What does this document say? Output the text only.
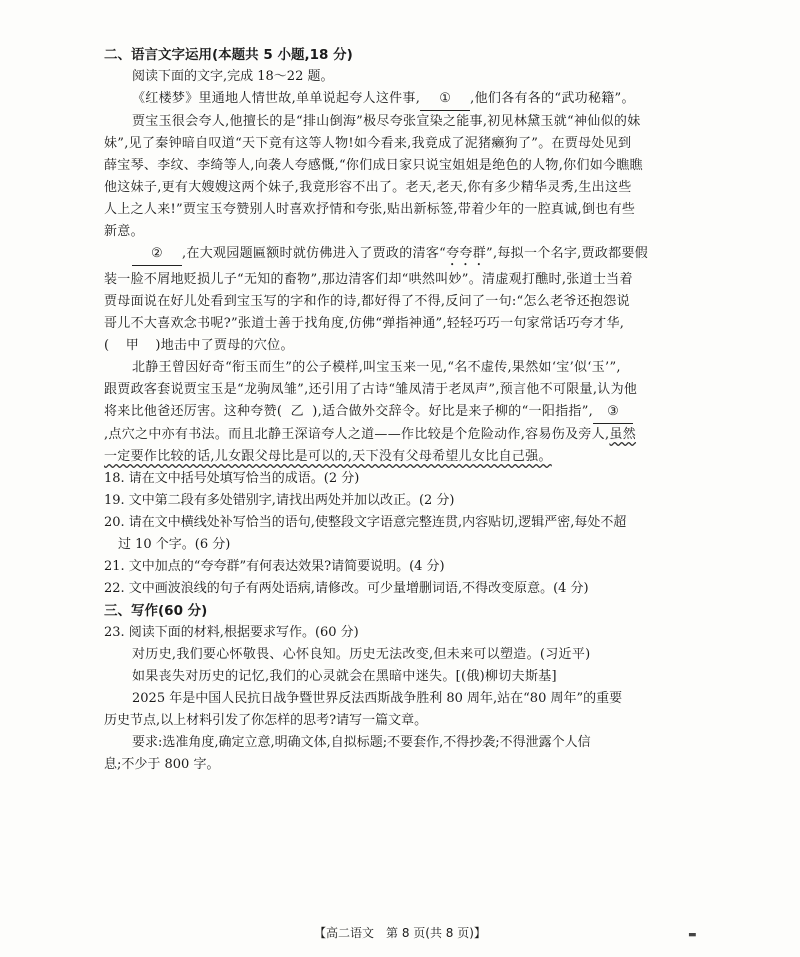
二、语言文字运用(本题共 5 小题,18 分)

阅读下面的文字,完成 18～22 题。

《红楼梦》里通地人情世故,单单说起夸人这件事, ① ,他们各有各的“武功秘籍”。

贾宝玉很会夸人,他擅长的是“排山倒海”极尽夸张宣染之能事,初见林黛玉就“神仙似的妹

妹”,见了秦钟暗自叹道“天下竟有这等人物!如今看来,我竟成了泥猪癞狗了”。在贾母处见到

薛宝琴、李纹、李绮等人,向袭人夸感慨,“你们成日家只说宝姐姐是绝色的人物,你们如今瞧瞧

他这妹子,更有大嫂嫂这两个妹子,我竟形容不出了。老天,老天,你有多少精华灵秀,生出这些

人上之人来!”贾宝玉夸赞别人时喜欢抒情和夸张,贴出新标签,带着少年的一腔真诚,倒也有些

新意。

② ,在大观园题匾额时就仿佛进入了贾政的清客“夸夸群”,每拟一个名字,贾政都要假

装一脸不屑地贬损儿子“无知的畜物”,那边清客们却“哄然叫妙”。清虚观打醮时,张道士当着

贾母面说在好儿处看到宝玉写的字和作的诗,都好得了不得,反问了一句:“怎么老爷还抱怨说

哥儿不大喜欢念书呢?”张道士善于找角度,仿佛“弹指神通”,轻轻巧巧一句家常话巧夸才华,

( 甲 )地击中了贾母的穴位。

北静王曾因好奇“衔玉而生”的公子模样,叫宝玉来一见,“名不虚传,果然如‘宝’似‘玉’”,

跟贾政客套说贾宝玉是“龙驹凤雏”,还引用了古诗“雏凤清于老凤声”,预言他不可限量,认为他

将来比他爸还厉害。这种夸赞( 乙 ),适合做外交辞令。好比是来子柳的“一阳指指”, ③

,点穴之中亦有书法。而且北静王深谙夸人之道——作比较是个危险动作,容易伤及旁人,虽然

一定要作比较的话,儿女跟父母比是可以的,天下没有父母希望儿女比自己强。

18. 请在文中括号处填写恰当的成语。(2 分)

19. 文中第二段有多处错别字,请找出两处并加以改正。(2 分)

20. 请在文中横线处补写恰当的语句,使整段文字语意完整连贯,内容贴切,逻辑严密,每处不超

过 10 个字。(6 分)

21. 文中加点的“夸夸群”有何表达效果?请简要说明。(4 分)

22. 文中画波浪线的句子有两处语病,请修改。可少量增删词语,不得改变原意。(4 分)

三、写作(60 分)

23. 阅读下面的材料,根据要求写作。(60 分)

对历史,我们要心怀敬畏、心怀良知。历史无法改变,但未来可以塑造。(习近平)

如果丧失对历史的记忆,我们的心灵就会在黑暗中迷失。[(俄)柳切夫斯基]

2025 年是中国人民抗日战争暨世界反法西斯战争胜利 80 周年,站在“80 周年”的重要

历史节点,以上材料引发了你怎样的思考?请写一篇文章。

要求:选准角度,确定立意,明确文体,自拟标题;不要套作,不得抄袭;不得泄露个人信

息;不少于 800 字。

【高二语文　第 8 页(共 8 页)】	▬
